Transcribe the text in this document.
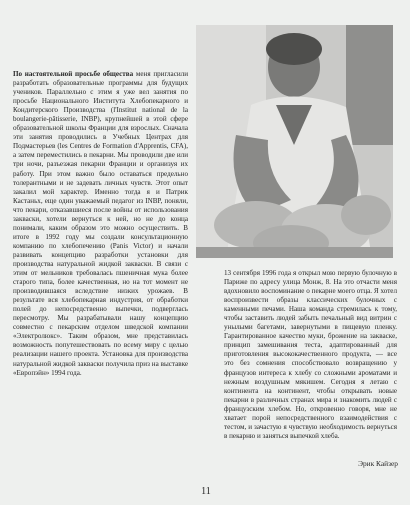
По настоятельной просьбе общества меня пригласили разработать образовательные программы для будущих учеников. Параллельно с этим я уже вел занятия по просьбе Национального Института Хлебопекарного и Кондитерского Производства (l'Institut national de la boulangerie-pâtisserie, INBP), крупнейшей в этой сфере образовательной школы Франции для взрослых. Сначала эти занятия проводились в Учебных Центрах для Подмастерьев (les Centres de Formation d'Apprentis, CFA), а затем переместились в пекарни. Мы проводили две или три ночи, разъезжая пекарни Франции и организуя их работу. При этом важно было оставаться предельно толерантными и не задевать личных чувств. Этот опыт закалил мой характер. Именно тогда я и Патрик Кастаньх, еще один уважаемый педагог из INBP, поняли, что пекари, отказавшиеся после войны от использования закваски, хотели вернуться к ней, но не до конца понимали, каким образом это можно осуществить. В итоге в 1992 году мы создали консультационную компанию по хлебопечению (Panis Victor) и начали развивать концепцию разработки установки для производства натуральной жидкой закваски. В связи с этим от мельников требовалась пшеничная мука более старого типа, более качественная, но на тот момент не производившаяся вследствие низких урожаев. В результате вся хлебопекарная индустрия, от обработки полей до непосредственно выпечки, подверглась пересмотру. Мы разрабатывали нашу концепцию совместно с пекарским отделом шведской компании «Электролюкс». Таким образом, мне представилась возможность попутешествовать по всему миру с целью реализации нашего проекта. Установка для производства натуральной жидкой закваски получила приз на выставке «Европэйн» 1994 года.
13 сентября 1996 года я открыл мою первую булочную в Париже по адресу улица Монж, 8. На это отчасти меня вдохновило воспоминание о пекарне моего отца. Я хотел воспроизвести образы классических булочных с каменными печами. Наша команда стремилась к тому, чтобы заставить людей забыть печальный вид витрин с унылыми багетами, завернутыми в пищевую пленку. Гарантированное качество муки, брожение на закваске, принцип замешивания теста, адаптированный для приготовления высококачественного продукта, — все это без сомнения способствовало возвращению у французов интереса к хлебу со сложными ароматами и нежным воздушным мякишем. Сегодня я летаю с континента на континент, чтобы открывать новые пекарни в различных странах мира и знакомить людей с французским хлебом. Но, откровенно говоря, мне не хватает порой непосредственного взаимодействия с тестом, и зачастую я чувствую необходимость вернуться в пекарню и заняться выпечкой хлеба.
Эрик Кайзер
11
